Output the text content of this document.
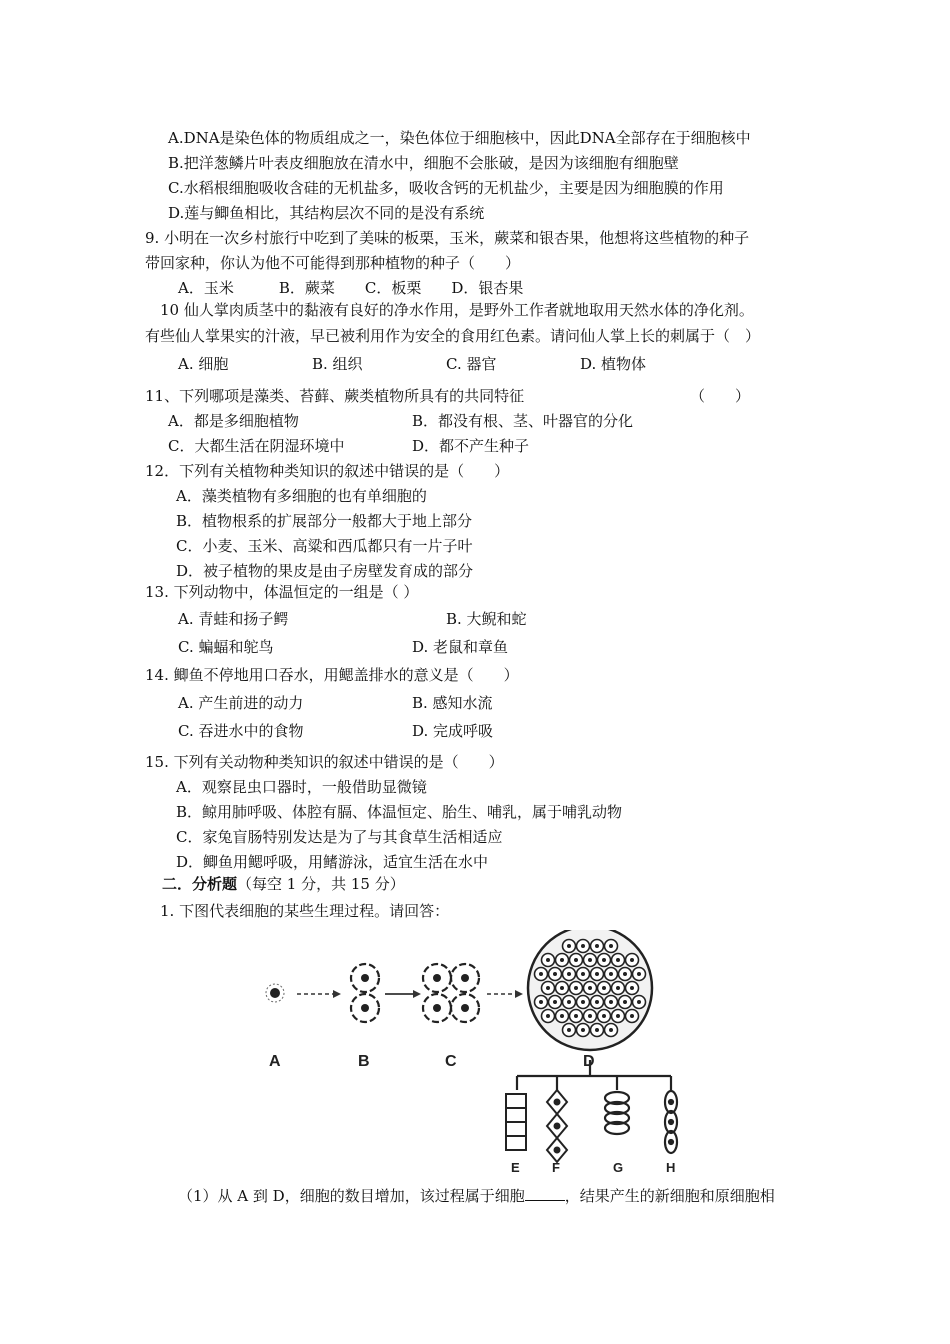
A.DNA是染色体的物质组成之一，染色体位于细胞核中，因此DNA全部存在于细胞核中
B.把洋葱鳞片叶表皮细胞放在清水中，细胞不会胀破，是因为该细胞有细胞壁
C.水稻根细胞吸收含硅的无机盐多，吸收含钙的无机盐少，主要是因为细胞膜的作用
D.莲与鲫鱼相比，其结构层次不同的是没有系统
9. 小明在一次乡村旅行中吃到了美味的板栗，玉米，蕨菜和银杏果，他想将这些植物的种子
带回家种，你认为他不可能得到那种植物的种子（　　）
A．玉米　　　B．蕨菜　　C．板栗　　D．银杏果
10 仙人掌肉质茎中的黏液有良好的净水作用，是野外工作者就地取用天然水体的净化剂。
有些仙人掌果实的汁液，早已被利用作为安全的食用红色素。请问仙人掌上长的刺属于（　）
A. 细胞	B. 组织	C. 器官	D. 植物体
11、下列哪项是藻类、苔藓、蕨类植物所具有的共同特征	（　　）
A．都是多细胞植物	B．都没有根、茎、叶器官的分化
C．大都生活在阴湿环境中	D．都不产生种子
12．下列有关植物种类知识的叙述中错误的是（　　）
A．藻类植物有多细胞的也有单细胞的
B．植物根系的扩展部分一般都大于地上部分
C．小麦、玉米、高粱和西瓜都只有一片子叶
D．被子植物的果皮是由子房壁发育成的部分
13. 下列动物中，体温恒定的一组是（ ）
A. 青蛙和扬子鳄	B. 大鲵和蛇
C. 蝙蝠和鸵鸟	D. 老鼠和章鱼
14. 鲫鱼不停地用口吞水，用鳃盖排水的意义是（　　）
A. 产生前进的动力	B. 感知水流
C. 吞进水中的食物	D. 完成呼吸
15. 下列有关动物种类知识的叙述中错误的是（　　）
A．观察昆虫口器时，一般借助显微镜
B．鲸用肺呼吸、体腔有膈、体温恒定、胎生、哺乳，属于哺乳动物
C．家兔盲肠特别发达是为了与其食草生活相适应
D．鲫鱼用鳃呼吸，用鳍游泳，适宜生活在水中
二．分析题（每空 1 分，共 15 分）
1. 下图代表细胞的某些生理过程。请回答：
A	B	C	D
E F	G	H
（1）从 A 到 D，细胞的数目增加，该过程属于细胞	，结果产生的新细胞和原细胞相
